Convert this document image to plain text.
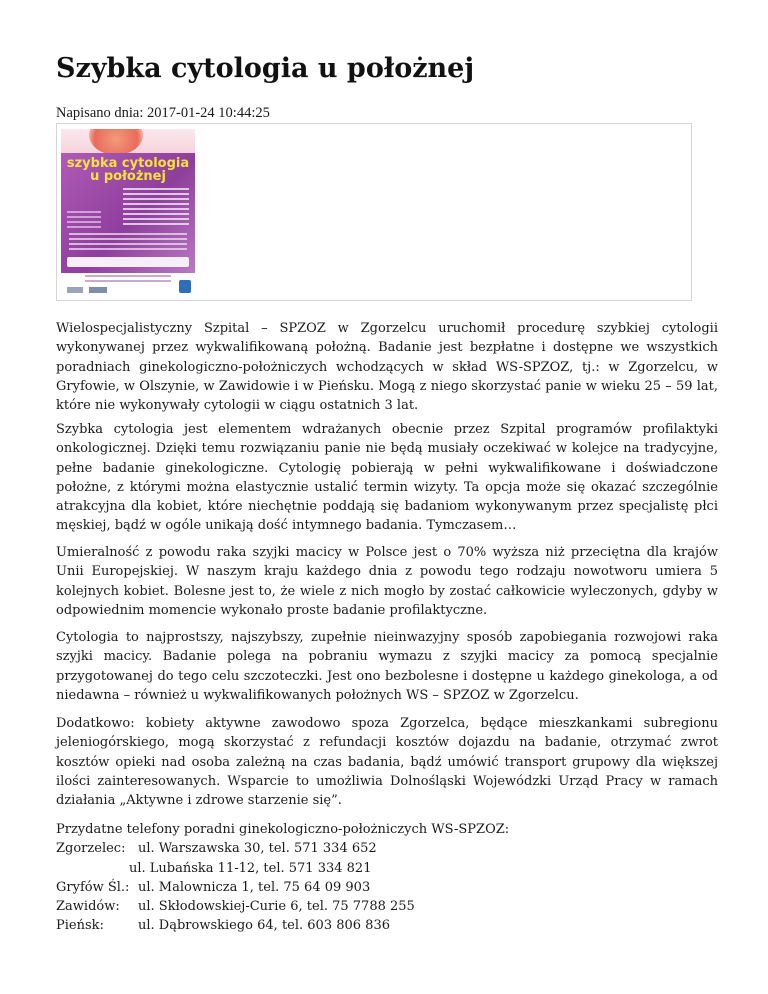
Szybka cytologia u położnej
Napisano dnia: 2017-01-24 10:44:25
szybka cytologia
u położnej

Wielospecjalistyczny Szpital – SPZOZ w Zgorzelcu uruchomił procedurę szybkiej cytologii wykonywanej przez wykwalifikowaną położną. Badanie jest bezpłatne i dostępne we wszystkich poradniach ginekologiczno-położniczych wchodzących w skład WS-SPZOZ, tj.: w Zgorzelcu, w Gryfowie, w Olszynie, w Zawidowie i w Pieńsku. Mogą z niego skorzystać panie w wieku 25 – 59 lat, które nie wykonywały cytologii w ciągu ostatnich 3 lat.

Szybka cytologia jest elementem wdrażanych obecnie przez Szpital programów profilaktyki onkologicznej. Dzięki temu rozwiązaniu panie nie będą musiały oczekiwać w kolejce na tradycyjne, pełne badanie ginekologiczne. Cytologię pobierają w pełni wykwalifikowane i doświadczone położne, z którymi można elastycznie ustalić termin wizyty. Ta opcja może się okazać szczególnie atrakcyjna dla kobiet, które niechętnie poddają się badaniom wykonywanym przez specjalistę płci męskiej, bądź w ogóle unikają dość intymnego badania. Tymczasem…

Umieralność z powodu raka szyjki macicy w Polsce jest o 70% wyższa niż przeciętna dla krajów Unii Europejskiej. W naszym kraju każdego dnia z powodu tego rodzaju nowotworu umiera 5 kolejnych kobiet. Bolesne jest to, że wiele z nich mogło by zostać całkowicie wyleczonych, gdyby w odpowiednim momencie wykonało proste badanie profilaktyczne.

Cytologia to najprostszy, najszybszy, zupełnie nieinwazyjny sposób zapobiegania rozwojowi raka szyjki macicy. Badanie polega na pobraniu wymazu z szyjki macicy za pomocą specjalnie przygotowanej do tego celu szczoteczki. Jest ono bezbolesne i dostępne u każdego ginekologa, a od niedawna – również u wykwalifikowanych położnych WS – SPZOZ w Zgorzelcu.

Dodatkowo: kobiety aktywne zawodowo spoza Zgorzelca, będące mieszkankami subregionu jeleniogórskiego, mogą skorzystać z refundacji kosztów dojazdu na badanie, otrzymać zwrot kosztów opieki nad osoba zależną na czas badania, bądź umówić transport grupowy dla większej ilości zainteresowanych. Wsparcie to umożliwia Dolnośląski Wojewódzki Urząd Pracy w ramach działania „Aktywne i zdrowe starzenie się”.

Przydatne telefony poradni ginekologiczno-położniczych WS-SPZOZ:
Zgorzelec: ul. Warszawska 30, tel. 571 334 652
ul. Lubańska 11-12, tel. 571 334 821
Gryfów Śl.: ul. Malownicza 1, tel. 75 64 09 903
Zawidów:	ul. Skłodowskiej-Curie 6, tel. 75 7788 255
Pieńsk:	ul. Dąbrowskiego 64, tel. 603 806 836
